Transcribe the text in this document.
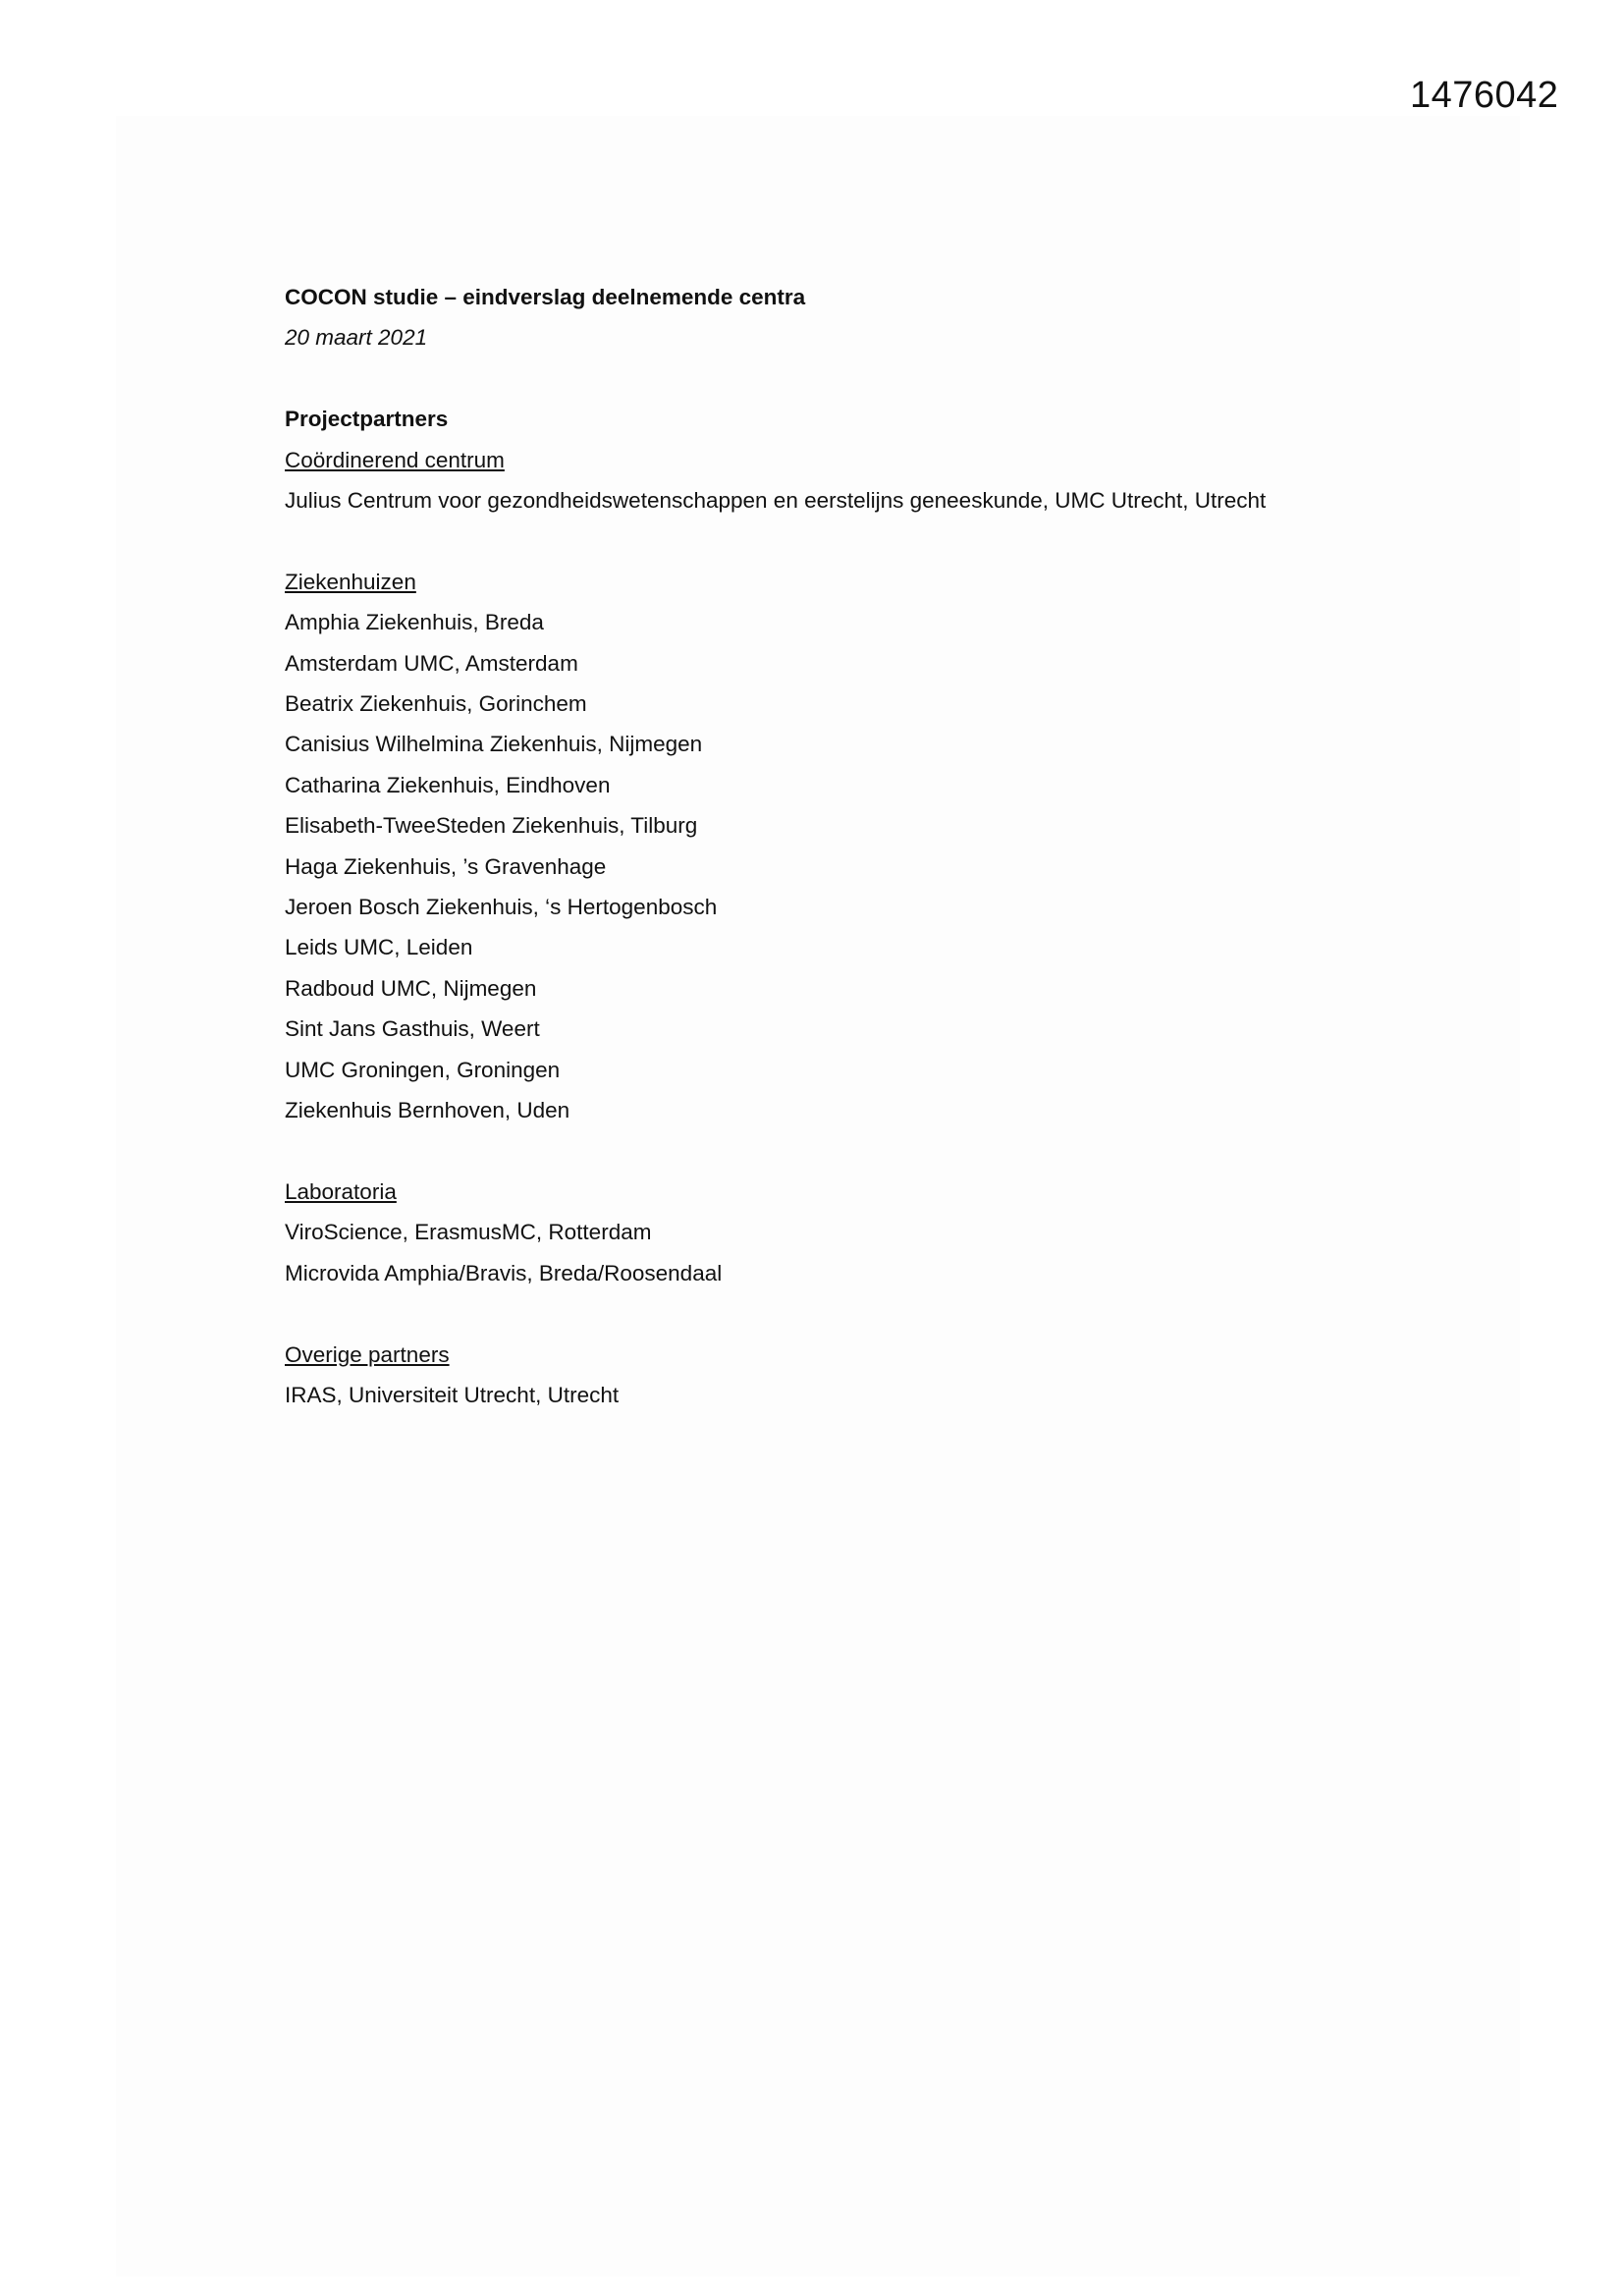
1476042
COCON studie – eindverslag deelnemende centra
20 maart 2021
Projectpartners
Coördinerend centrum
Julius Centrum voor gezondheidswetenschappen en eerstelijns geneeskunde, UMC Utrecht, Utrecht
Ziekenhuizen
Amphia Ziekenhuis, Breda
Amsterdam UMC, Amsterdam
Beatrix Ziekenhuis, Gorinchem
Canisius Wilhelmina Ziekenhuis, Nijmegen
Catharina Ziekenhuis, Eindhoven
Elisabeth-TweeSteden Ziekenhuis, Tilburg
Haga Ziekenhuis, ’s Gravenhage
Jeroen Bosch Ziekenhuis, ‘s Hertogenbosch
Leids UMC, Leiden
Radboud UMC, Nijmegen
Sint Jans Gasthuis, Weert
UMC Groningen, Groningen
Ziekenhuis Bernhoven, Uden
Laboratoria
ViroScience, ErasmusMC, Rotterdam
Microvida Amphia/Bravis, Breda/Roosendaal
Overige partners
IRAS, Universiteit Utrecht, Utrecht
